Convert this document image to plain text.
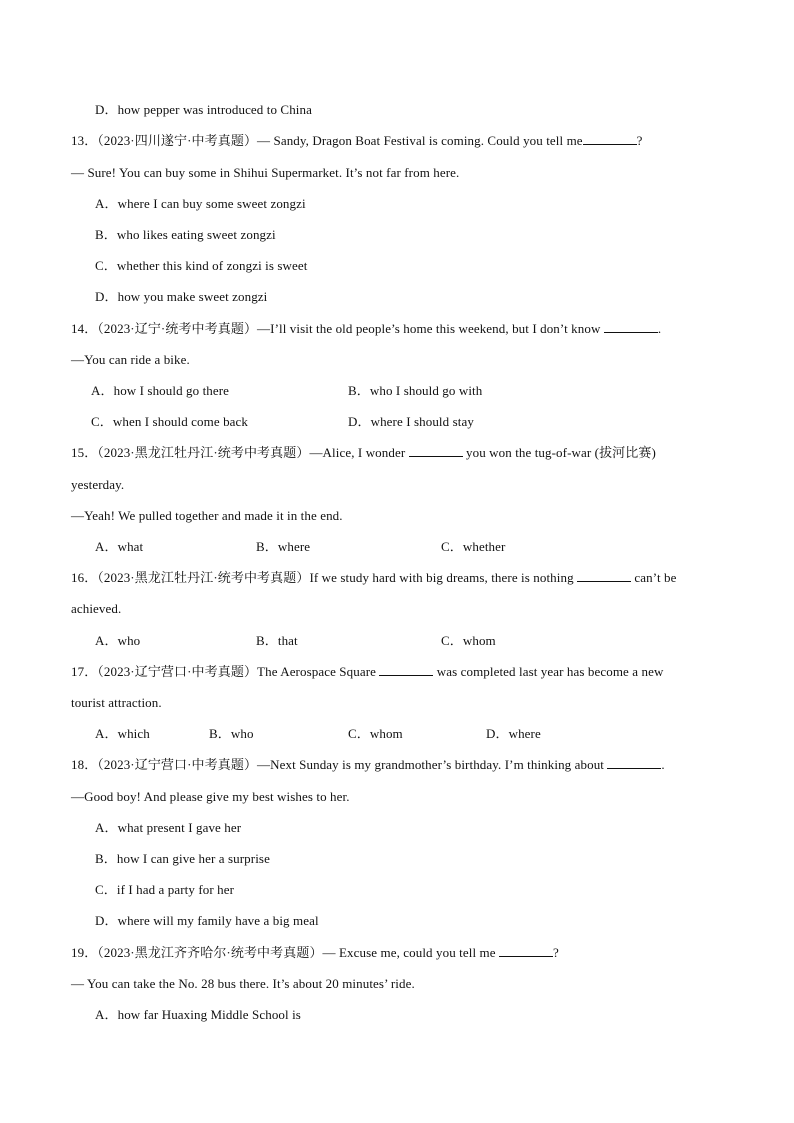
D．how pepper was introduced to China
13．（2023·四川遂宁·中考真题）— Sandy, Dragon Boat Festival is coming. Could you tell me	?
— Sure! You can buy some in Shihui Supermarket. It’s not far from here.
A．where I can buy some sweet zongzi
B．who likes eating sweet zongzi
C．whether this kind of zongzi is sweet
D．how you make sweet zongzi
14．（2023·辽宁·统考中考真题）—I’ll visit the old people’s home this weekend, but I don’t know	.
—You can ride a bike.
A．how I should go there	B．who I should go with
C．when I should come back	D．where I should stay
15．（2023·黑龙江牡丹江·统考中考真题）—Alice, I wonder	you won the tug-of-war (拔河比赛)
yesterday.
—Yeah! We pulled together and made it in the end.
A．what	B．where	C．whether
16．（2023·黑龙江牡丹江·统考中考真题）If we study hard with big dreams, there is nothing	can’t be
achieved.
A．who	B．that	C．whom
17．（2023·辽宁营口·中考真题）The Aerospace Square	was completed last year has become a new
tourist attraction.
A．which	B．who	C．whom	D．where
18．（2023·辽宁营口·中考真题）—Next Sunday is my grandmother’s birthday. I’m thinking about	.
—Good boy! And please give my best wishes to her.
A．what present I gave her
B．how I can give her a surprise
C．if I had a party for her
D．where will my family have a big meal
19．（2023·黑龙江齐齐哈尔·统考中考真题）— Excuse me, could you tell me	?
— You can take the No. 28 bus there. It’s about 20 minutes’ ride.
A．how far Huaxing Middle School is
